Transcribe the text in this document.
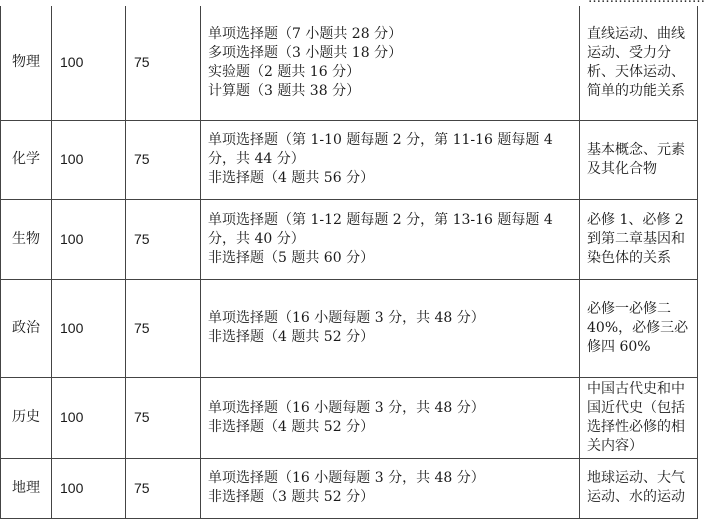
物理	100	75	单项选择题（7 小题共 28 分）
多项选择题（3 小题共 18 分）
实验题（2 题共 16 分）
计算题（3 题共 38 分）	直线运动、曲线运动、受力分析、天体运动、简单的功能关系

化学	100	75	单项选择题（第 1-10 题每题 2 分，第 11-16 题每题 4 分，共 44 分）
非选择题（4 题共 56 分）	基本概念、元素及其化合物

生物	100	75	单项选择题（第 1-12 题每题 2 分，第 13-16 题每题 4 分，共 40 分）
非选择题（5 题共 60 分）	必修 1、必修 2 到第二章基因和染色体的关系

政治	100	75	单项选择题（16 小题每题 3 分，共 48 分）
非选择题（4 题共 52 分）	必修一必修二 40%，必修三必修四 60%

历史	100	75	单项选择题（16 小题每题 3 分，共 48 分）
非选择题（4 题共 52 分）	中国古代史和中国近代史（包括选择性必修的相关内容）

地理	100	75	单项选择题（16 小题每题 3 分，共 48 分）
非选择题（3 题共 52 分）	地球运动、大气运动、水的运动
